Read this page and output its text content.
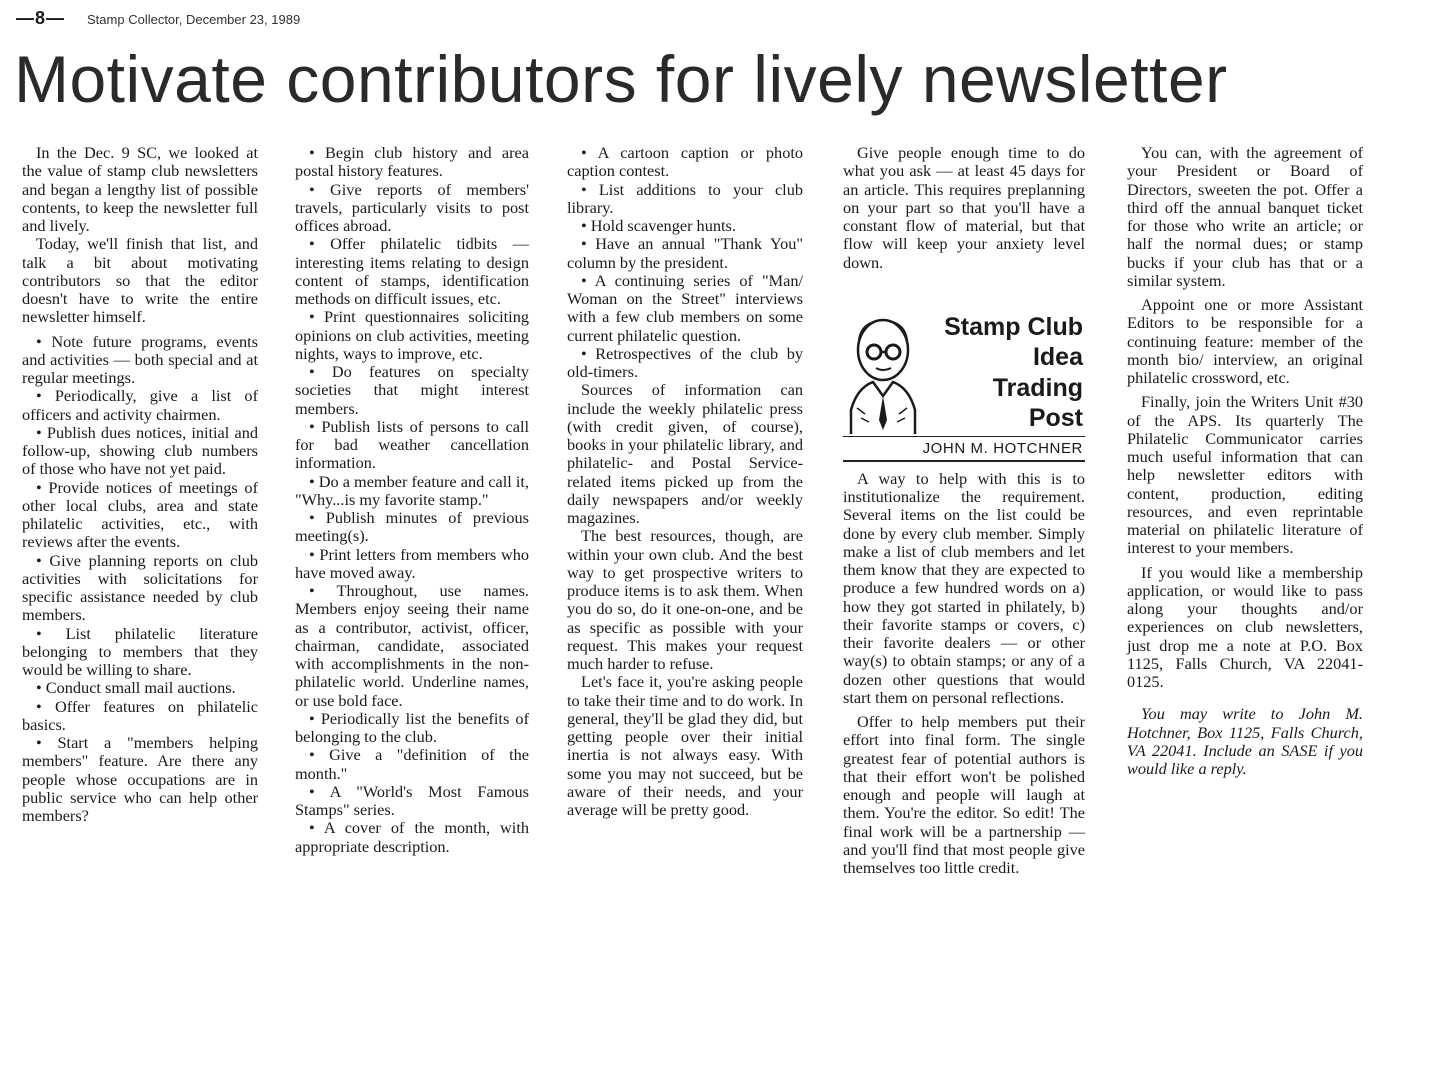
—8— Stamp Collector, December 23, 1989
Motivate contributors for lively newsletter

In the Dec. 9 SC, we looked at the value of stamp club newsletters and began a lengthy list of possible contents, to keep the newsletter full and lively.

Today, we'll finish that list, and talk a bit about motivating contributors so that the editor doesn't have to write the entire newsletter himself.

• Note future programs, events and activities — both special and at regular meetings.

• Periodically, give a list of officers and activity chairmen.

• Publish dues notices, initial and follow-up, showing club numbers of those who have not yet paid.

• Provide notices of meetings of other local clubs, area and state philatelic activities, etc., with reviews after the events.

• Give planning reports on club activities with solicitations for specific assistance needed by club members.

• List philatelic literature belonging to members that they would be willing to share.

• Conduct small mail auctions.

• Offer features on philatelic basics.

• Start a "members helping members" feature. Are there any people whose occupations are in public service who can help other members?

• Begin club history and area postal history features.

• Give reports of members' travels, particularly visits to post offices abroad.

• Offer philatelic tidbits — interesting items relating to design content of stamps, identification methods on difficult issues, etc.

• Print questionnaires soliciting opinions on club activities, meeting nights, ways to improve, etc.

• Do features on specialty societies that might interest members.

• Publish lists of persons to call for bad weather cancellation information.

• Do a member feature and call it, "Why...is my favorite stamp."

• Publish minutes of previous meeting(s).

• Print letters from members who have moved away.

• Throughout, use names. Members enjoy seeing their name as a contributor, activist, officer, chairman, candidate, associated with accomplishments in the non-philatelic world. Underline names, or use bold face.

• Periodically list the benefits of belonging to the club.

• Give a "definition of the month."

• A "World's Most Famous Stamps" series.

• A cover of the month, with appropriate description.

• A cartoon caption or photo caption contest.

• List additions to your club library.

• Hold scavenger hunts.

• Have an annual "Thank You" column by the president.

• A continuing series of "Man/ Woman on the Street" interviews with a few club members on some current philatelic question.

• Retrospectives of the club by old-timers.

Sources of information can include the weekly philatelic press (with credit given, of course), books in your philatelic library, and philatelic- and Postal Service-related items picked up from the daily newspapers and/or weekly magazines.

The best resources, though, are within your own club. And the best way to get prospective writers to produce items is to ask them. When you do so, do it one-on-one, and be as specific as possible with your request. This makes your request much harder to refuse.

Let's face it, you're asking people to take their time and to do work. In general, they'll be glad they did, but getting people over their initial inertia is not always easy. With some you may not succeed, but be aware of their needs, and your average will be pretty good.

Give people enough time to do what you ask — at least 45 days for an article. This requires preplanning on your part so that you'll have a constant flow of material, but that flow will keep your anxiety level down.

Stamp Club
Idea
Trading
Post
JOHN M. HOTCHNER

A way to help with this is to institutionalize the requirement. Several items on the list could be done by every club member. Simply make a list of club members and let them know that they are expected to produce a few hundred words on a) how they got started in philately, b) their favorite stamps or covers, c) their favorite dealers — or other way(s) to obtain stamps; or any of a dozen other questions that would start them on personal reflections.

Offer to help members put their effort into final form. The single greatest fear of potential authors is that their effort won't be polished enough and people will laugh at them. You're the editor. So edit! The final work will be a partnership — and you'll find that most people give themselves too little credit.

You can, with the agreement of your President or Board of Directors, sweeten the pot. Offer a third off the annual banquet ticket for those who write an article; or half the normal dues; or stamp bucks if your club has that or a similar system.

Appoint one or more Assistant Editors to be responsible for a continuing feature: member of the month bio/ interview, an original philatelic crossword, etc.

Finally, join the Writers Unit #30 of the APS. Its quarterly The Philatelic Communicator carries much useful information that can help newsletter editors with content, production, editing resources, and even reprintable material on philatelic literature of interest to your members.

If you would like a membership application, or would like to pass along your thoughts and/or experiences on club newsletters, just drop me a note at P.O. Box 1125, Falls Church, VA 22041-0125.

You may write to John M. Hotchner, Box 1125, Falls Church, VA 22041. Include an SASE if you would like a reply.
